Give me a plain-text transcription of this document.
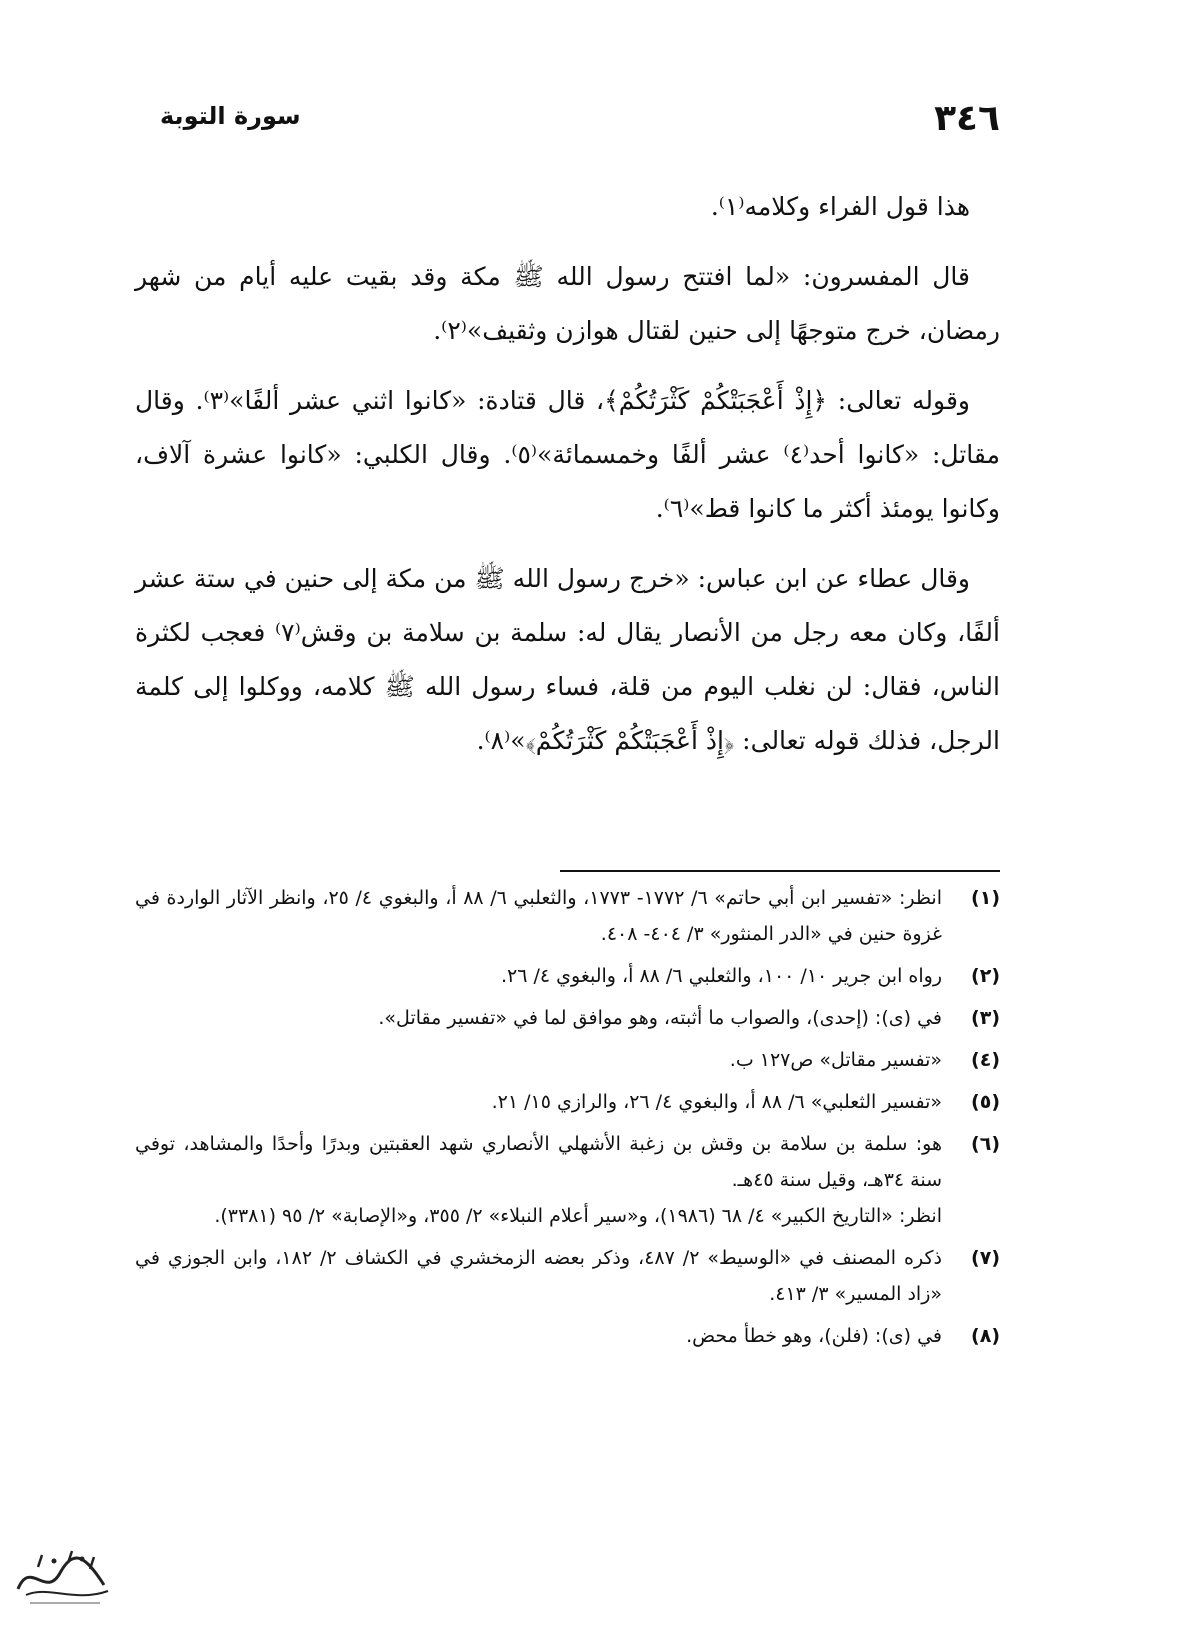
٣٤٦
سورة التوبة

هذا قول الفراء وكلامه⁽١⁾.

قال المفسرون: «لما افتتح رسول الله ﷺ مكة وقد بقيت عليه أيام من شهر رمضان، خرج متوجهًا إلى حنين لقتال هوازن وثقيف»⁽٢⁾.

وقوله تعالى: ﴿إِذْ أَعْجَبَتْكُمْ كَثْرَتُكُمْ﴾، قال قتادة: «كانوا اثني عشر ألفًا»⁽٣⁾. وقال مقاتل: «كانوا أحد⁽٤⁾ عشر ألفًا وخمسمائة»⁽٥⁾. وقال الكلبي: «كانوا عشرة آلاف، وكانوا يومئذ أكثر ما كانوا قط»⁽٦⁾.

وقال عطاء عن ابن عباس: «خرج رسول الله ﷺ من مكة إلى حنين في ستة عشر ألفًا، وكان معه رجل من الأنصار يقال له: سلمة بن سلامة بن وقش⁽٧⁾ فعجب لكثرة الناس، فقال: لن نغلب اليوم من قلة، فساء رسول الله ﷺ كلامه، ووكلوا إلى كلمة الرجل، فذلك قوله تعالى: ﴿إِذْ أَعْجَبَتْكُمْ كَثْرَتُكُمْ﴾»⁽٨⁾.

(١)
انظر: «تفسير ابن أبي حاتم» ٦/ ١٧٧٢- ١٧٧٣، والثعلبي ٦/ ٨٨ أ، والبغوي ٤/ ٢٥، وانظر الآثار الواردة في غزوة حنين في «الدر المنثور» ٣/ ٤٠٤- ٤٠٨.
(٢)
رواه ابن جرير ١٠/ ١٠٠، والثعلبي ٦/ ٨٨ أ، والبغوي ٤/ ٢٦.
(٣)
في (ى): (إحدى)، والصواب ما أثبته، وهو موافق لما في «تفسير مقاتل».
(٤)
«تفسير مقاتل» ص١٢٧ ب.
(٥)
«تفسير الثعلبي» ٦/ ٨٨ أ، والبغوي ٤/ ٢٦، والرازي ١٥/ ٢١.
(٦)
هو: سلمة بن سلامة بن وقش بن زغبة الأشهلي الأنصاري شهد العقبتين وبدرًا وأحدًا والمشاهد، توفي سنة ٣٤هـ، وقيل سنة ٤٥هـ.
انظر: «التاريخ الكبير» ٤/ ٦٨ (١٩٨٦)، و«سير أعلام النبلاء» ٢/ ٣٥٥، و«الإصابة» ٢/ ٩٥ (٣٣٨١).
(٧)
ذكره المصنف في «الوسيط» ٢/ ٤٨٧، وذكر بعضه الزمخشري في الكشاف ٢/ ١٨٢، وابن الجوزي في «زاد المسير» ٣/ ٤١٣.
(٨)
في (ى): (فلن)، وهو خطأ محض.
